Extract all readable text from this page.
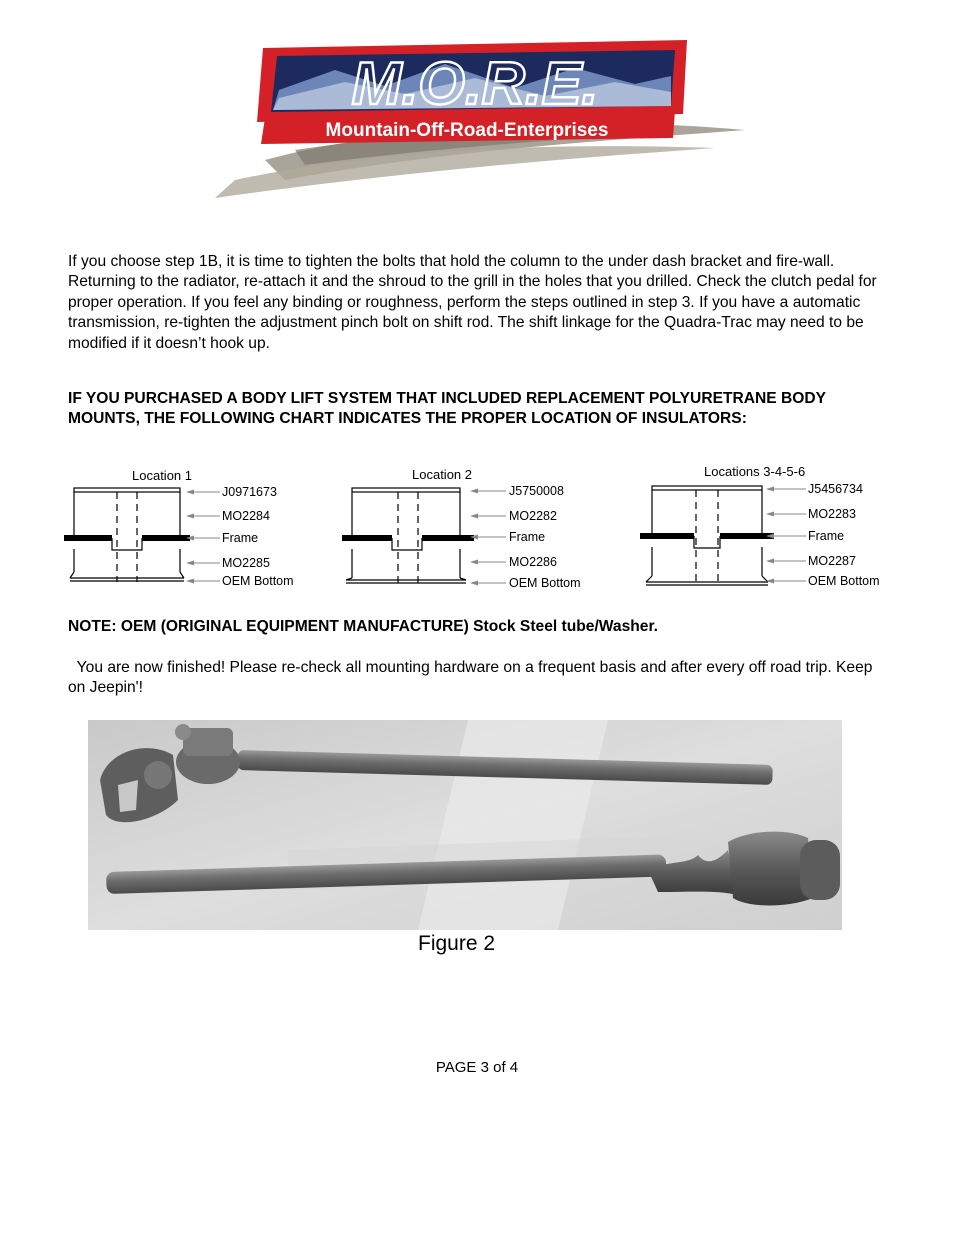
M.O.R.E.
Mountain-Off-Road-Enterprises

If you choose step 1B, it is time to tighten the bolts that hold the column to the under dash bracket and fire-wall. Returning to the radiator, re-attach it and the shroud to the grill in the holes that you drilled. Check the clutch pedal for proper operation. If you feel any binding or roughness, perform the steps outlined in step 3. If you have a automatic transmission, re-tighten the adjustment pinch bolt on shift rod. The shift linkage for the Quadra-Trac may need to be modified if it doesn’t hook up.

IF YOU PURCHASED A BODY LIFT SYSTEM THAT INCLUDED REPLACEMENT POLYURETRANE BODY MOUNTS, THE FOLLOWING CHART INDICATES THE PROPER LOCATION OF INSULATORS:

Location 1
J0971673
MO2284
Frame
MO2285
OEM Bottom
Location 2
J5750008
MO2282
Frame
MO2286
OEM Bottom
Locations 3-4-5-6
J5456734
MO2283
Frame
MO2287
OEM Bottom

NOTE: OEM (ORIGINAL EQUIPMENT MANUFACTURE) Stock Steel tube/Washer.

You are now finished! Please re-check all mounting hardware on a frequent basis and after every off road trip. Keep on Jeepin'!

Figure 2

PAGE 3 of 4
